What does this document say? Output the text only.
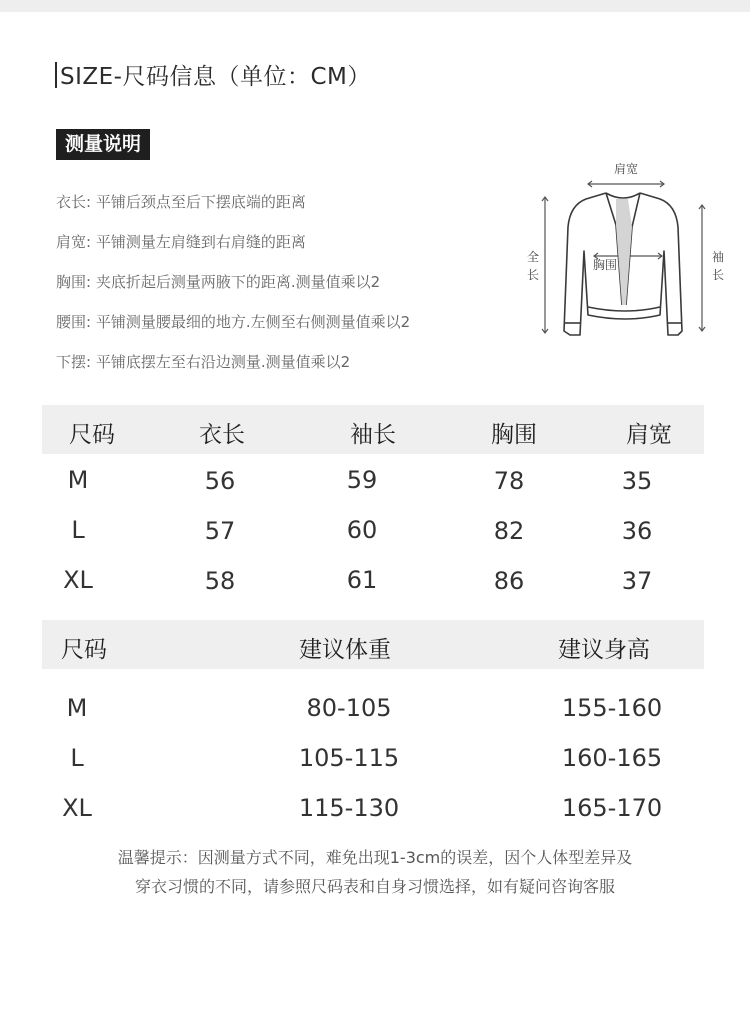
SIZE-尺码信息（单位：CM）
测量说明
衣长: 平铺后颈点至后下摆底端的距离
肩宽: 平铺测量左肩缝到右肩缝的距离
胸围: 夹底折起后测量两腋下的距离.测量值乘以2
腰围: 平铺测量腰最细的地方.左侧至右侧测量值乘以2
下摆: 平铺底摆左至右沿边测量.测量值乘以2
肩宽
全
长
胸围
袖
长
尺码	衣长	袖长	胸围	肩宽
M	56	59	78	35
L	57	60	82	36
XL	58	61	86	37
尺码	建议体重	建议身高
M	80-105	155-160
L	105-115	160-165
XL	115-130	165-170
温馨提示：因测量方式不同，难免出现1-3cm的误差，因个人体型差异及
穿衣习惯的不同，请参照尺码表和自身习惯选择，如有疑问咨询客服
